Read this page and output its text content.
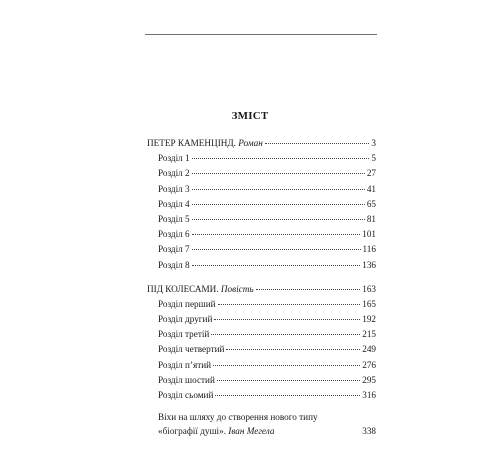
ЗМІСТ
ПЕТЕР КАМЕНЦІНД. Роман	3
Розділ 1	5
Розділ 2	27
Розділ 3	41
Розділ 4	65
Розділ 5	81
Розділ 6	101
Розділ 7	116
Розділ 8	136
ПІД КОЛЕСАМИ. Повість	163
Розділ перший	165
Розділ другий	192
Розділ третій	215
Розділ четвертий	249
Розділ п’ятий	276
Розділ шостий	295
Розділ сьомий	316
Віхи на шляху до створення нового типу
«біографії душі».
Іван Мегела	338
